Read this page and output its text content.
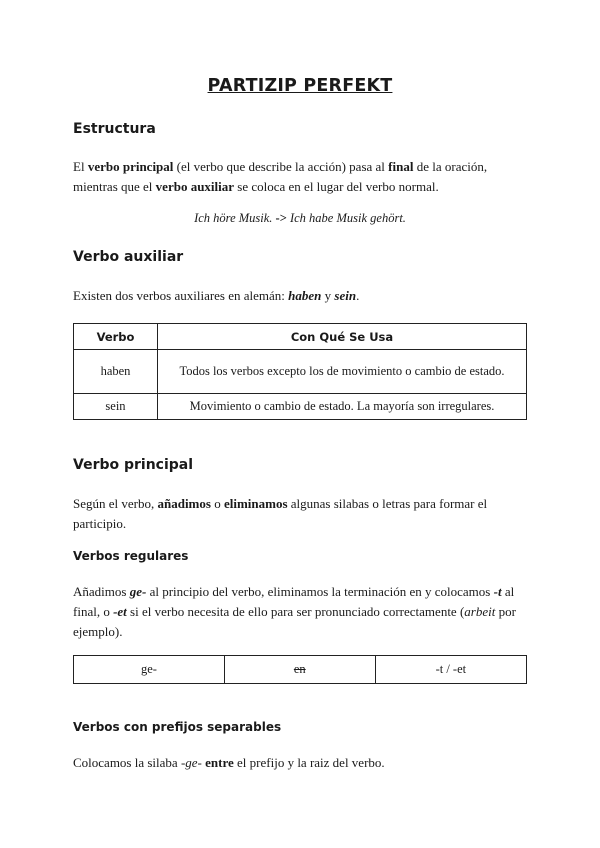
PARTIZIP PERFEKT
Estructura
El verbo principal (el verbo que describe la acción) pasa al final de la oración, mientras que el verbo auxiliar se coloca en el lugar del verbo normal.
Ich höre Musik. -> Ich habe Musik gehört.
Verbo auxiliar
Existen dos verbos auxiliares en alemán: haben y sein.
Verbo	Con Qué Se Usa
haben	Todos los verbos excepto los de movimiento o cambio de estado.
sein	Movimiento o cambio de estado. La mayoría son irregulares.
Verbo principal
Según el verbo, añadimos o eliminamos algunas silabas o letras para formar el participio.
Verbos regulares
Añadimos ge- al principio del verbo, eliminamos la terminación en y colocamos -t al final, o -et si el verbo necesita de ello para ser pronunciado correctamente (arbeit por ejemplo).
ge-	en	-t / -et
Verbos con prefijos separables
Colocamos la silaba -ge- entre el prefijo y la raiz del verbo.
